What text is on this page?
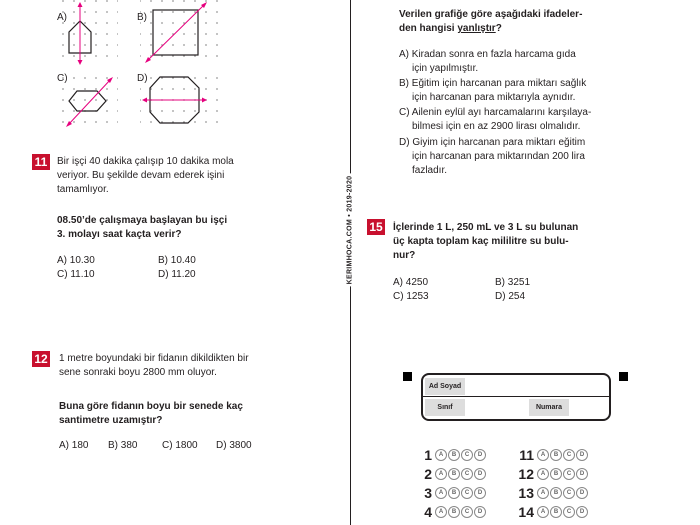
A)	B)
C)	D)
11 Bir işçi 40 dakika çalışıp 10 dakika mola
veriyor. Bu şekilde devam ederek işini
tamamlıyor.
08.50’de çalışmaya başlayan bu işçi
3. molayı saat kaçta verir?
A) 10.30	B) 10.40
C) 11.10	D) 11.20
12 1 metre boyundaki bir fidanın dikildikten bir
sene sonraki boyu 2800 mm oluyor.
Buna göre fidanın boyu bir senede kaç
santimetre uzamıştır?
A) 180 B) 380 C) 1800 D) 3800
KERIMHOCA.COM • 2019-2020
Verilen grafiğe göre aşağıdaki ifadeler-
den hangisi yanlıştır?
A) Kiradan sonra en fazla harcama gıda
için yapılmıştır.
B) Eğitim için harcanan para miktarı sağlık
için harcanan para miktarıyla aynıdır.
C) Ailenin eylül ayı harcamalarını karşılaya-
bilmesi için en az 2900 lirası olmalıdır.
D) Giyim için harcanan para miktarı eğitim
için harcanan para miktarından 200 lira
fazladır.
15 İçlerinde 1 L, 250 mL ve 3 L su bulunan
üç kapta toplam kaç mililitre su bulu-
nur?
A) 4250	B) 3251
C) 1253	D) 254
Ad Soyad
Sınıf	Numara
1 A B C D
2 A B C D
3 A B C D
4 A B C D
11 A B C D
12 A B C D
13 A B C D
14 A B C D
